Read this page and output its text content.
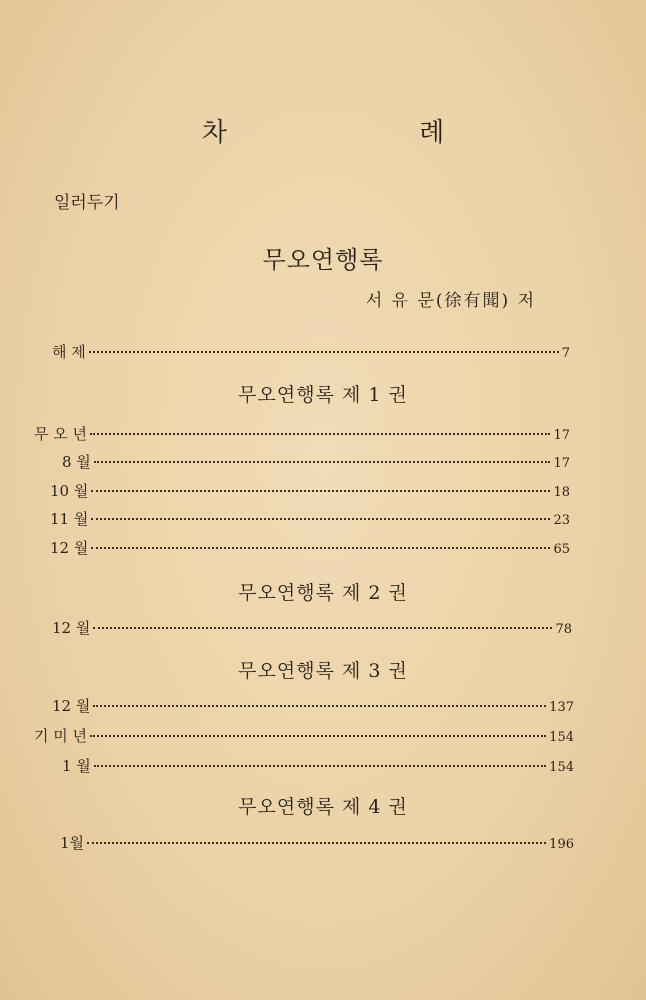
차 례
일러두기
무오연행록
서 유 문(徐有聞) 저
해 제	7
무오연행록 제 1 권
무 오 년	17
8 월	17
10 월	18
11 월	23
12 월	65
무오연행록 제 2 권
12 월	78
무오연행록 제 3 권
12 월	137
기 미 년	154
1 월	154
무오연행록 제 4 권
1월	196
